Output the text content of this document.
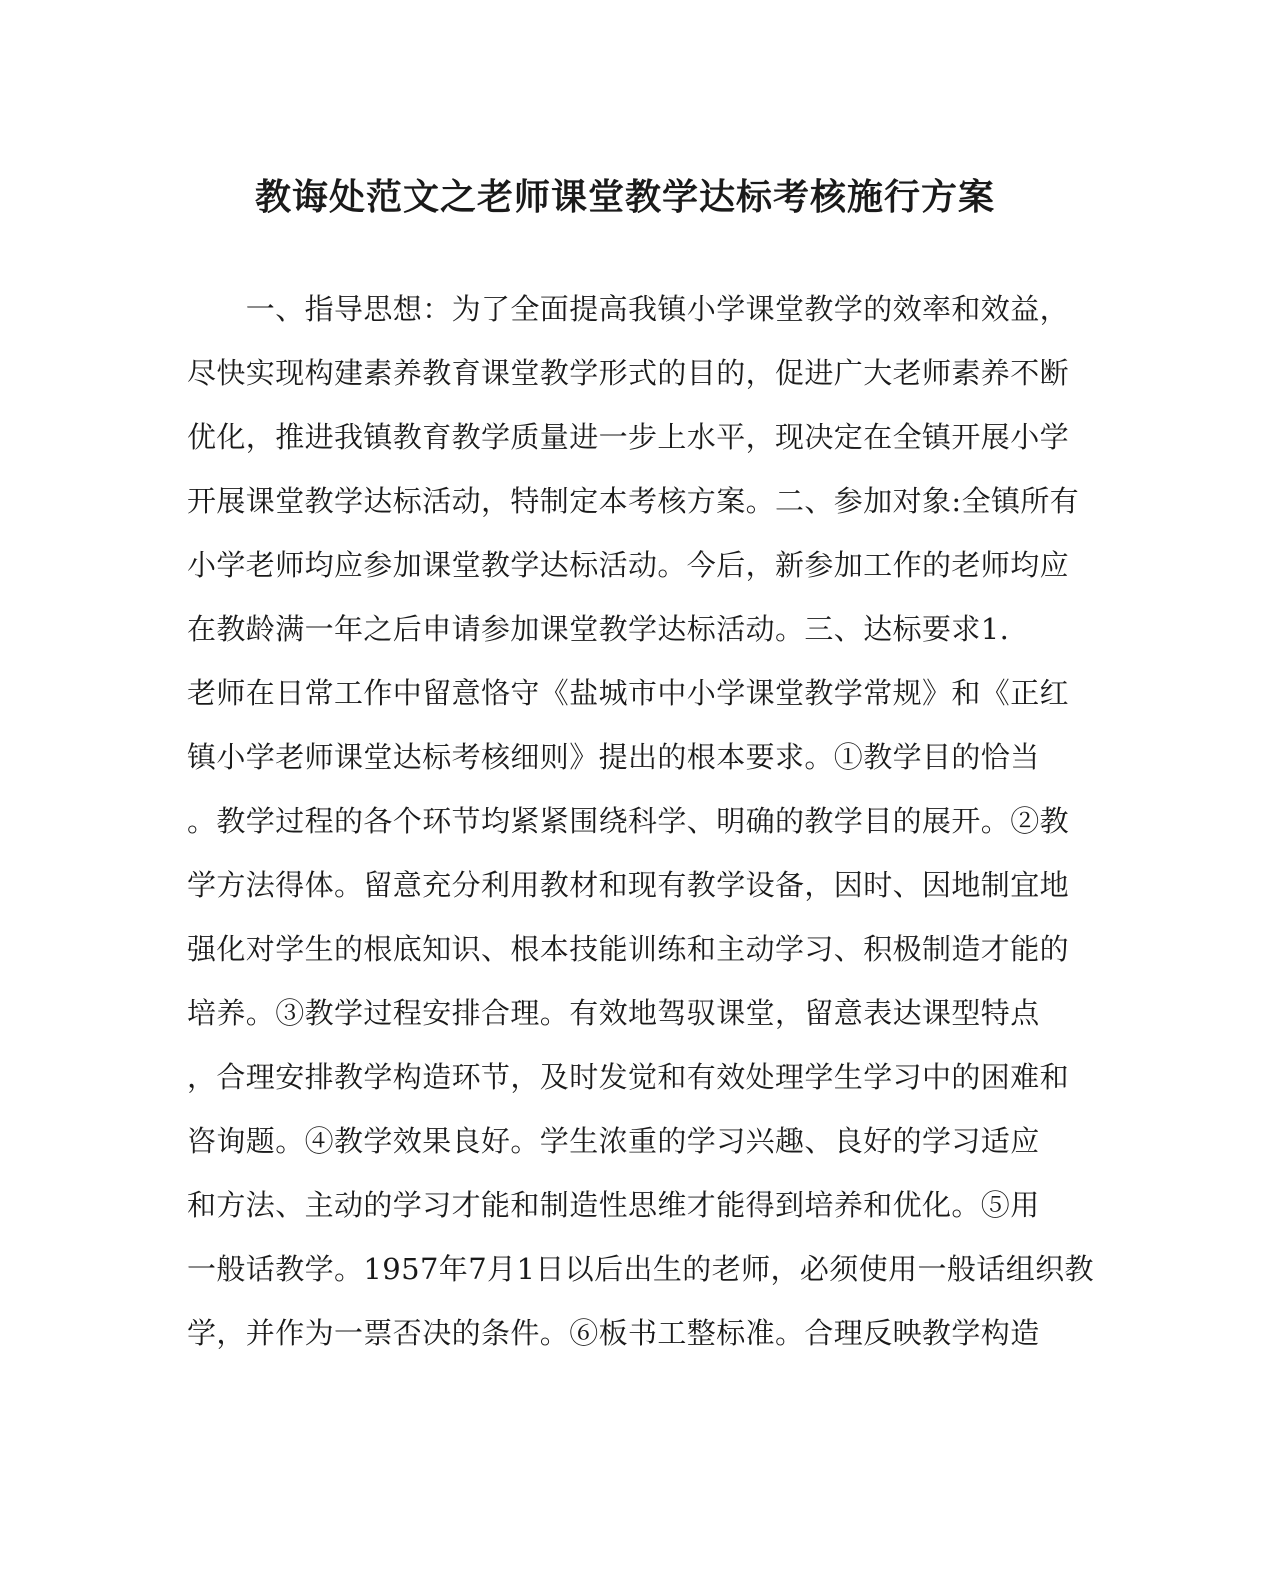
教诲处范文之老师课堂教学达标考核施行方案
　　一、指导思想：为了全面提高我镇小学课堂教学的效率和效益，
尽快实现构建素养教育课堂教学形式的目的，促进广大老师素养不断
优化，推进我镇教育教学质量进一步上水平，现决定在全镇开展小学
开展课堂教学达标活动，特制定本考核方案。二、参加对象:全镇所有
小学老师均应参加课堂教学达标活动。今后，新参加工作的老师均应
在教龄满一年之后申请参加课堂教学达标活动。三、达标要求1.
老师在日常工作中留意恪守《盐城市中小学课堂教学常规》和《正红
镇小学老师课堂达标考核细则》提出的根本要求。①教学目的恰当
。教学过程的各个环节均紧紧围绕科学、明确的教学目的展开。②教
学方法得体。留意充分利用教材和现有教学设备，因时、因地制宜地
强化对学生的根底知识、根本技能训练和主动学习、积极制造才能的
培养。③教学过程安排合理。有效地驾驭课堂，留意表达课型特点
，合理安排教学构造环节，及时发觉和有效处理学生学习中的困难和
咨询题。④教学效果良好。学生浓重的学习兴趣、良好的学习适应
和方法、主动的学习才能和制造性思维才能得到培养和优化。⑤用
一般话教学。1957年7月1日以后出生的老师，必须使用一般话组织教
学，并作为一票否决的条件。⑥板书工整标准。合理反映教学构造
